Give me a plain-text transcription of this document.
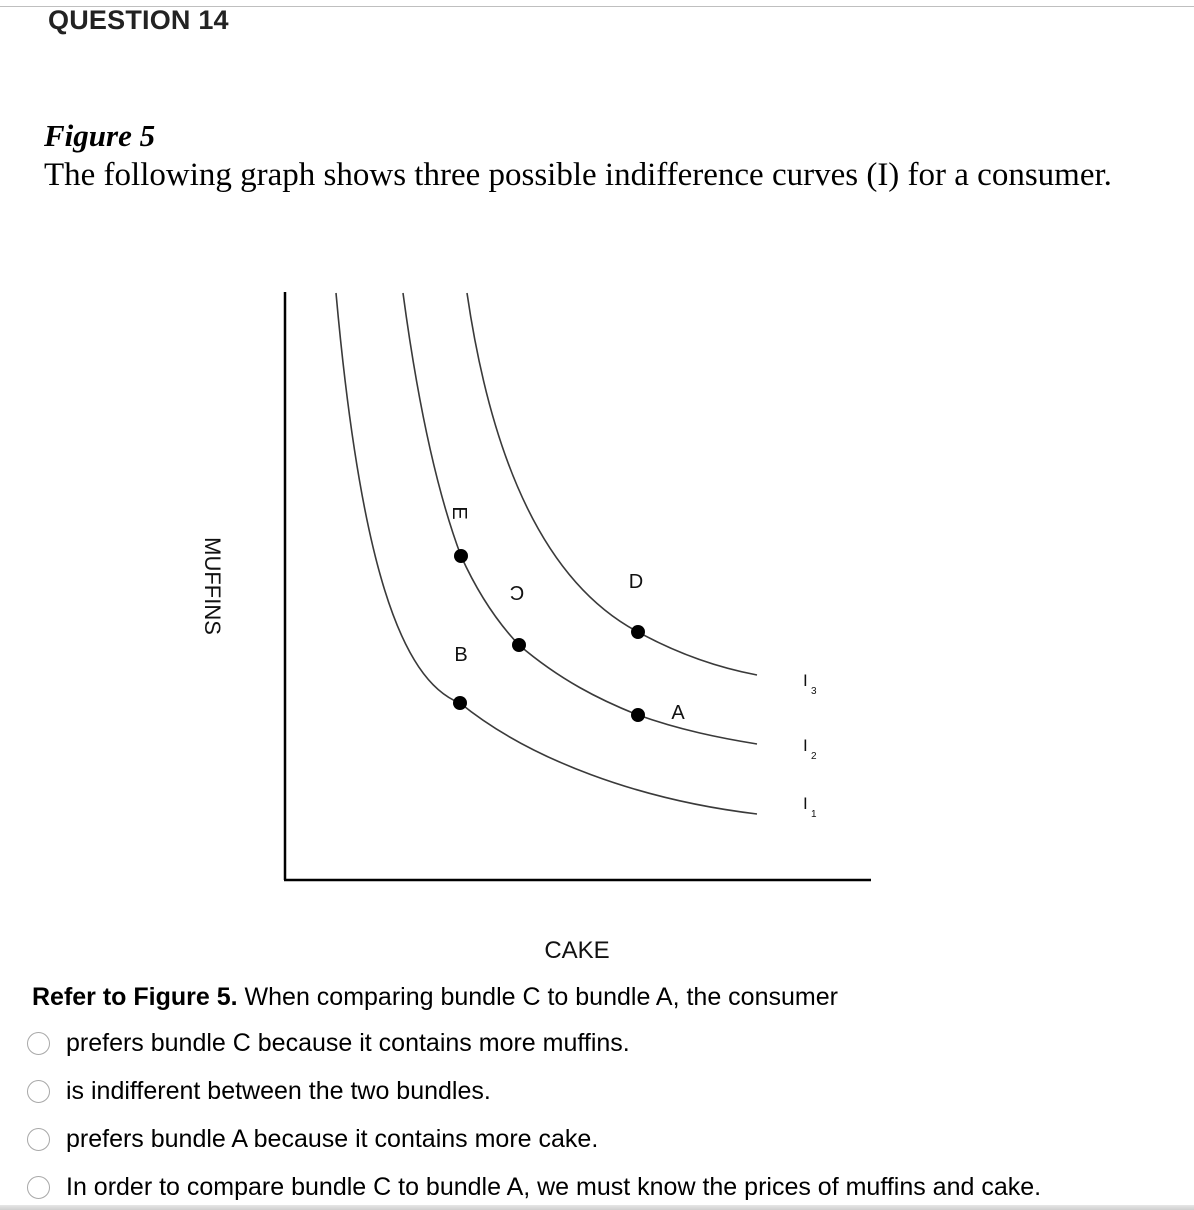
QUESTION 14
Figure 5
The following graph shows three possible indifference curves (I) for a consumer.
E
B
C	D
A
I
3
I
2
I
1
MUFFINS
CAKE
Refer to Figure 5. When comparing bundle C to bundle A, the consumer
prefers bundle C because it contains more muffins.
is indifferent between the two bundles.
prefers bundle A because it contains more cake.
In order to compare bundle C to bundle A, we must know the prices of muffins and cake.
